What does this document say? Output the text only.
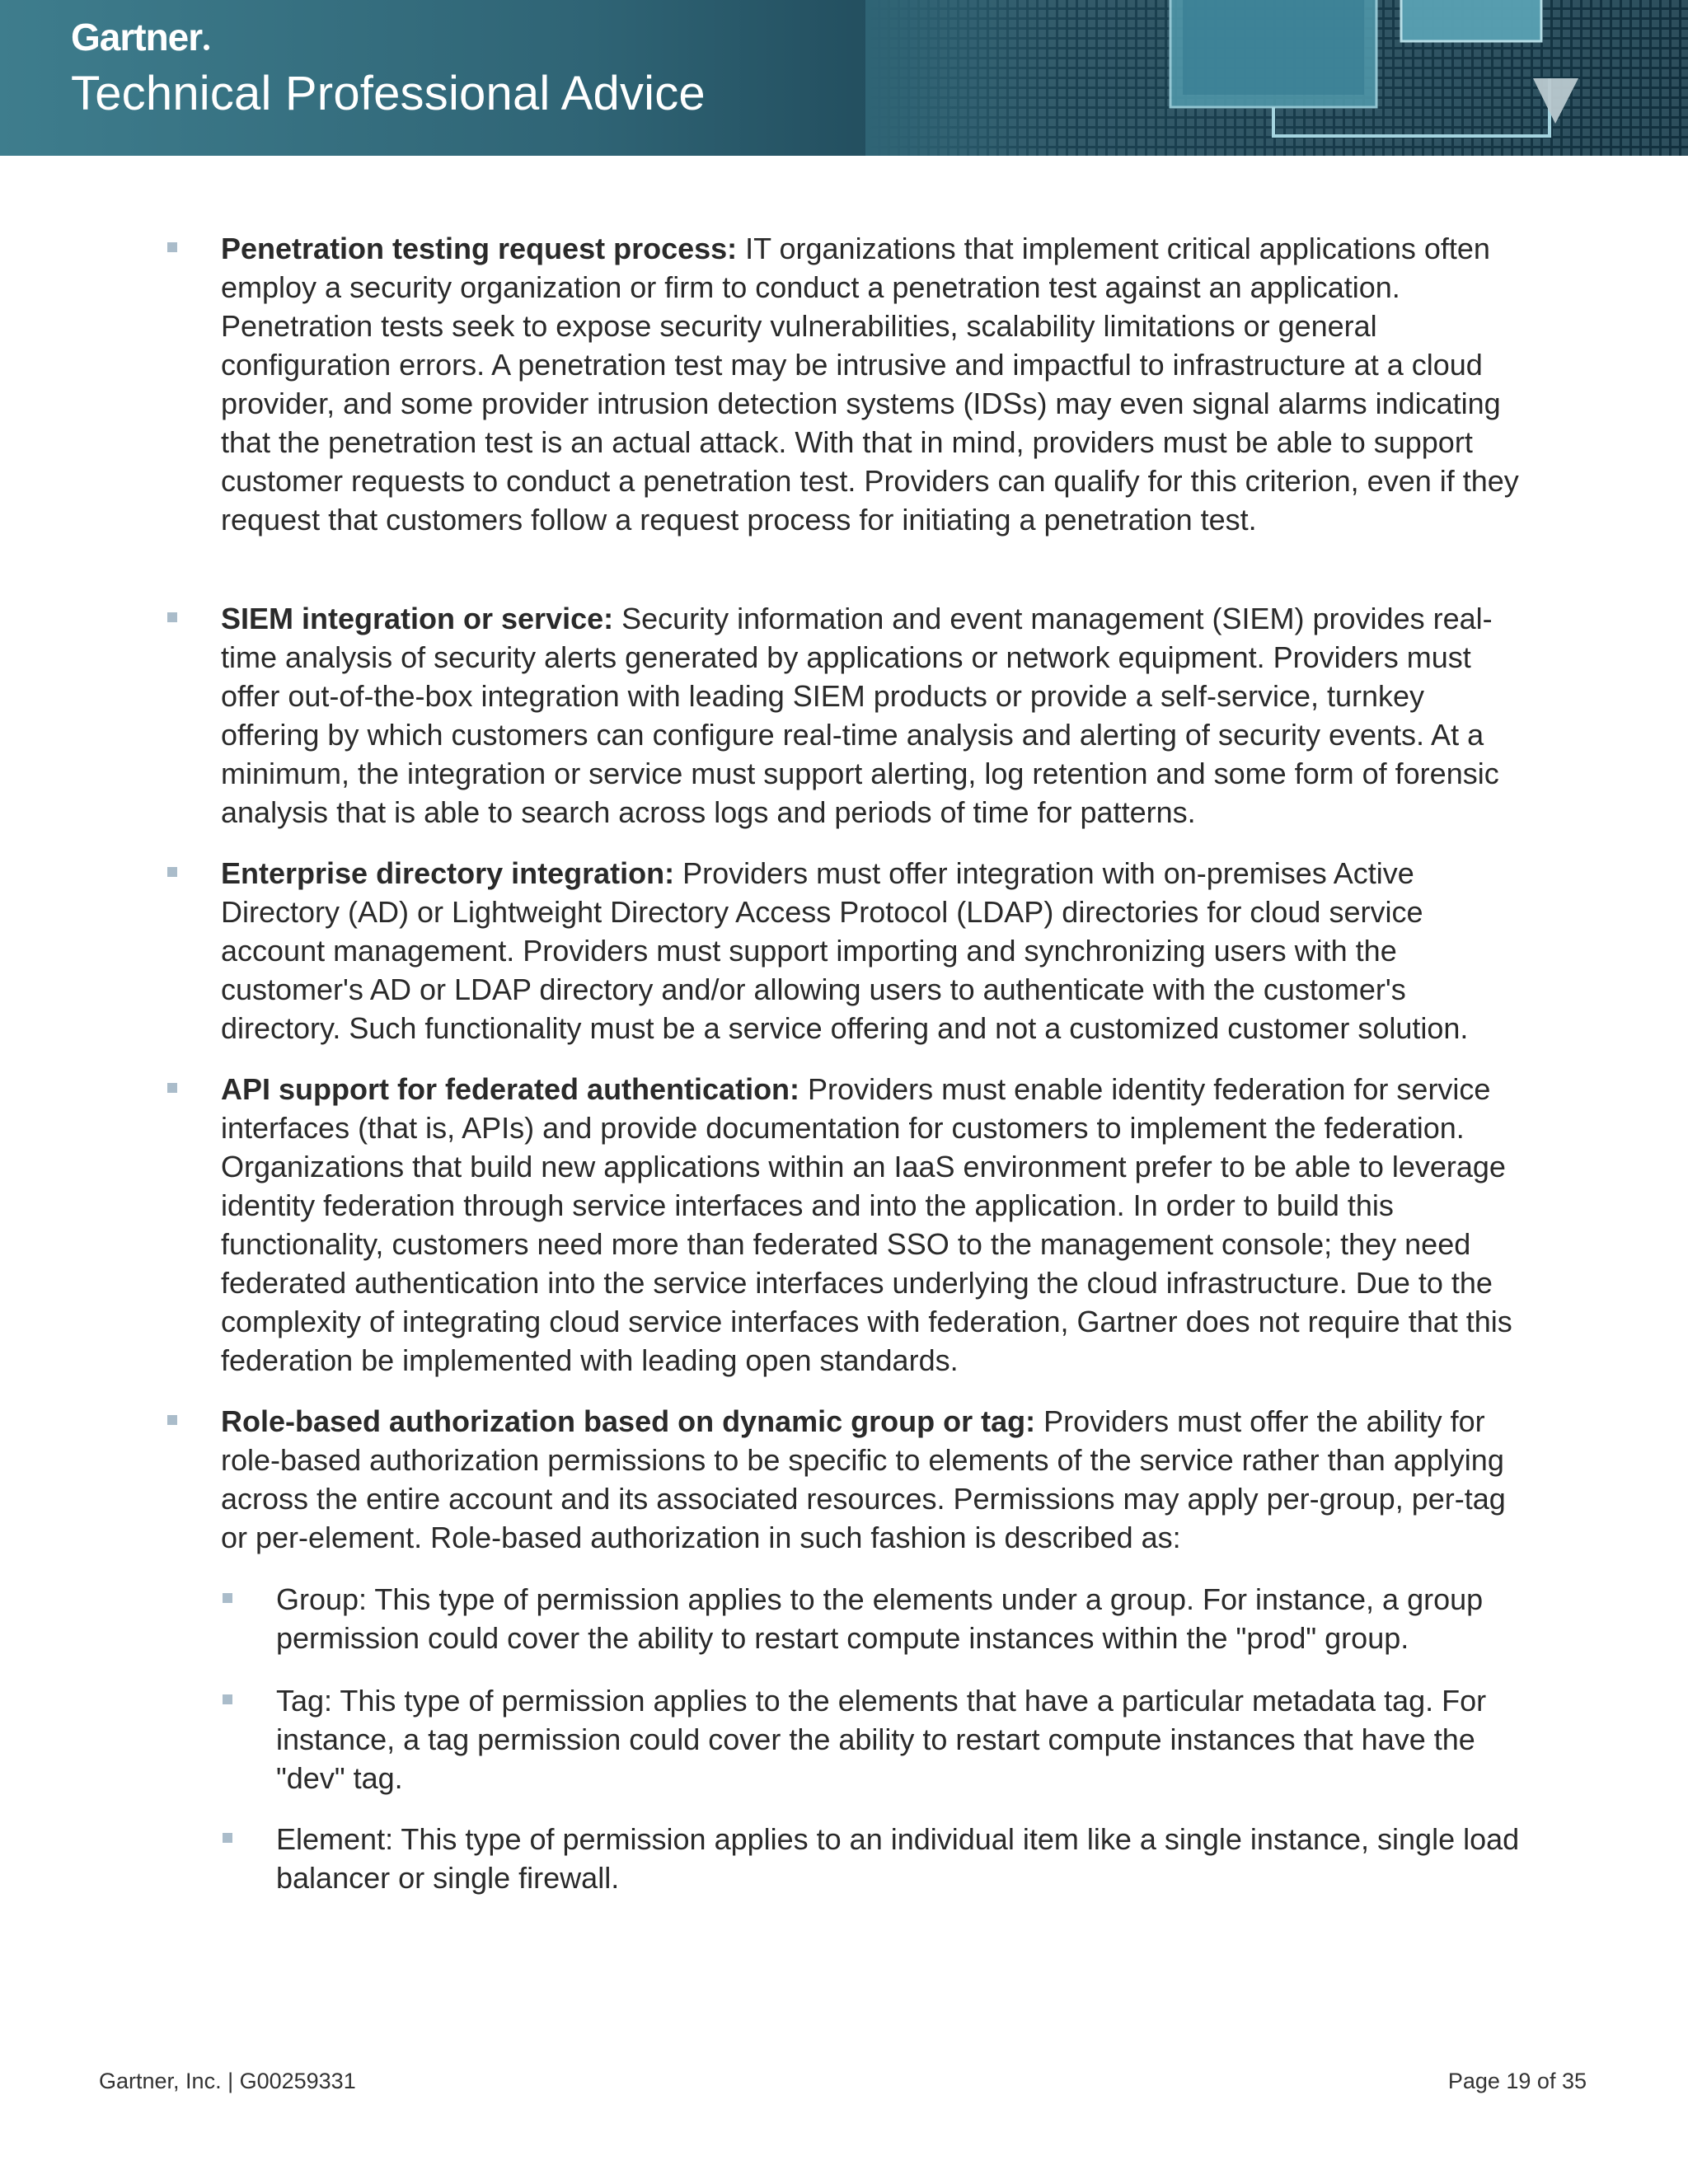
Gartner
Technical Professional Advice

Penetration testing request process: IT organizations that implement critical applications often employ a security organization or firm to conduct a penetration test against an application. Penetration tests seek to expose security vulnerabilities, scalability limitations or general configuration errors. A penetration test may be intrusive and impactful to infrastructure at a cloud provider, and some provider intrusion detection systems (IDSs) may even signal alarms indicating that the penetration test is an actual attack. With that in mind, providers must be able to support customer requests to conduct a penetration test. Providers can qualify for this criterion, even if they request that customers follow a request process for initiating a penetration test.

SIEM integration or service: Security information and event management (SIEM) provides real-time analysis of security alerts generated by applications or network equipment. Providers must offer out-of-the-box integration with leading SIEM products or provide a self-service, turnkey offering by which customers can configure real-time analysis and alerting of security events. At a minimum, the integration or service must support alerting, log retention and some form of forensic analysis that is able to search across logs and periods of time for patterns.

Enterprise directory integration: Providers must offer integration with on-premises Active Directory (AD) or Lightweight Directory Access Protocol (LDAP) directories for cloud service account management. Providers must support importing and synchronizing users with the customer's AD or LDAP directory and/or allowing users to authenticate with the customer's directory. Such functionality must be a service offering and not a customized customer solution.

API support for federated authentication: Providers must enable identity federation for service interfaces (that is, APIs) and provide documentation for customers to implement the federation. Organizations that build new applications within an IaaS environment prefer to be able to leverage identity federation through service interfaces and into the application. In order to build this functionality, customers need more than federated SSO to the management console; they need federated authentication into the service interfaces underlying the cloud infrastructure. Due to the complexity of integrating cloud service interfaces with federation, Gartner does not require that this federation be implemented with leading open standards.

Role-based authorization based on dynamic group or tag: Providers must offer the ability for role-based authorization permissions to be specific to elements of the service rather than applying across the entire account and its associated resources. Permissions may apply per-group, per-tag or per-element. Role-based authorization in such fashion is described as:

Group: This type of permission applies to the elements under a group. For instance, a group permission could cover the ability to restart compute instances within the "prod" group.

Tag: This type of permission applies to the elements that have a particular metadata tag. For instance, a tag permission could cover the ability to restart compute instances that have the "dev" tag.

Element: This type of permission applies to an individual item like a single instance, single load balancer or single firewall.

Gartner, Inc. | G00259331	Page 19 of 35
